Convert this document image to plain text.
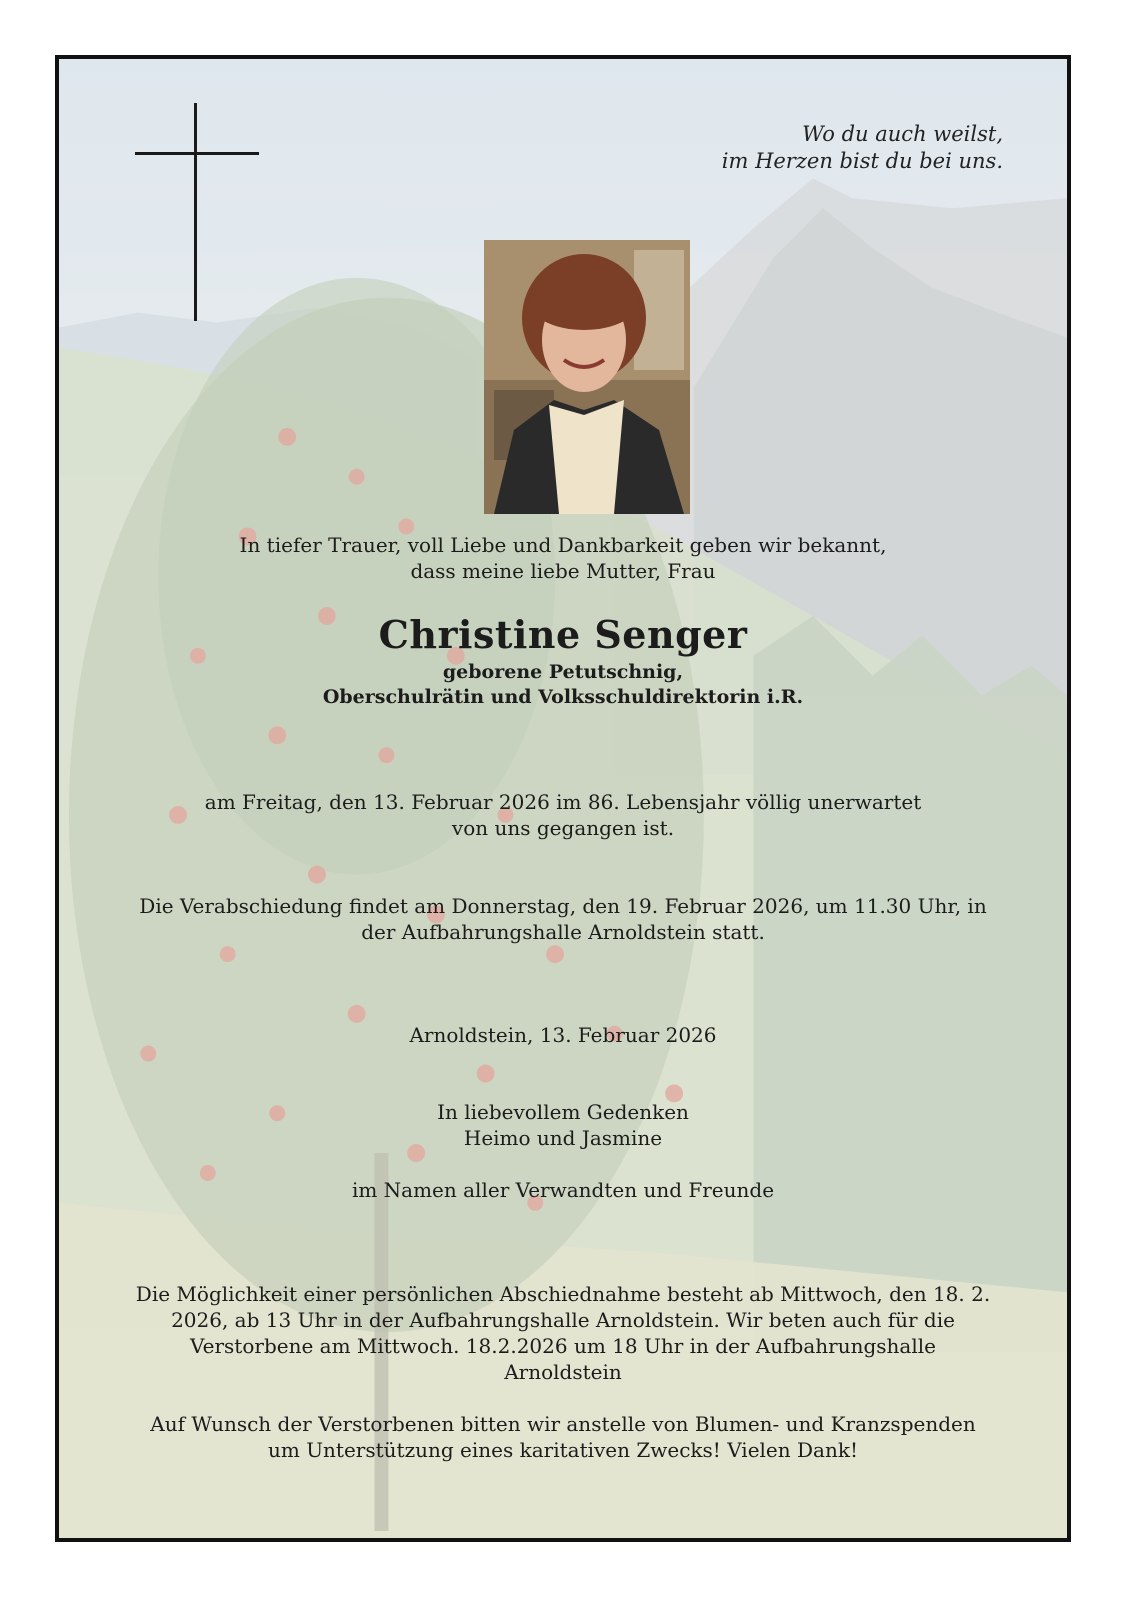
Wo du auch weilst,
im Herzen bist du bei uns.
In tiefer Trauer, voll Liebe und Dankbarkeit geben wir bekannt,
dass meine liebe Mutter, Frau
Christine Senger
geborene Petutschnig,
Oberschulrätin und Volksschuldirektorin i.R.
am Freitag, den 13. Februar 2026 im 86. Lebensjahr völlig unerwartet
von uns gegangen ist.
Die Verabschiedung findet am Donnerstag, den 19. Februar 2026, um 11.30 Uhr, in
der Aufbahrungshalle Arnoldstein statt.
Arnoldstein, 13. Februar 2026
In liebevollem Gedenken
Heimo und Jasmine
im Namen aller Verwandten und Freunde
Die Möglichkeit einer persönlichen Abschiednahme besteht ab Mittwoch, den 18. 2.
2026, ab 13 Uhr in der Aufbahrungshalle Arnoldstein. Wir beten auch für die
Verstorbene am Mittwoch. 18.2.2026 um 18 Uhr in der Aufbahrungshalle
Arnoldstein
Auf Wunsch der Verstorbenen bitten wir anstelle von Blumen- und Kranzspenden
um Unterstützung eines karitativen Zwecks! Vielen Dank!
